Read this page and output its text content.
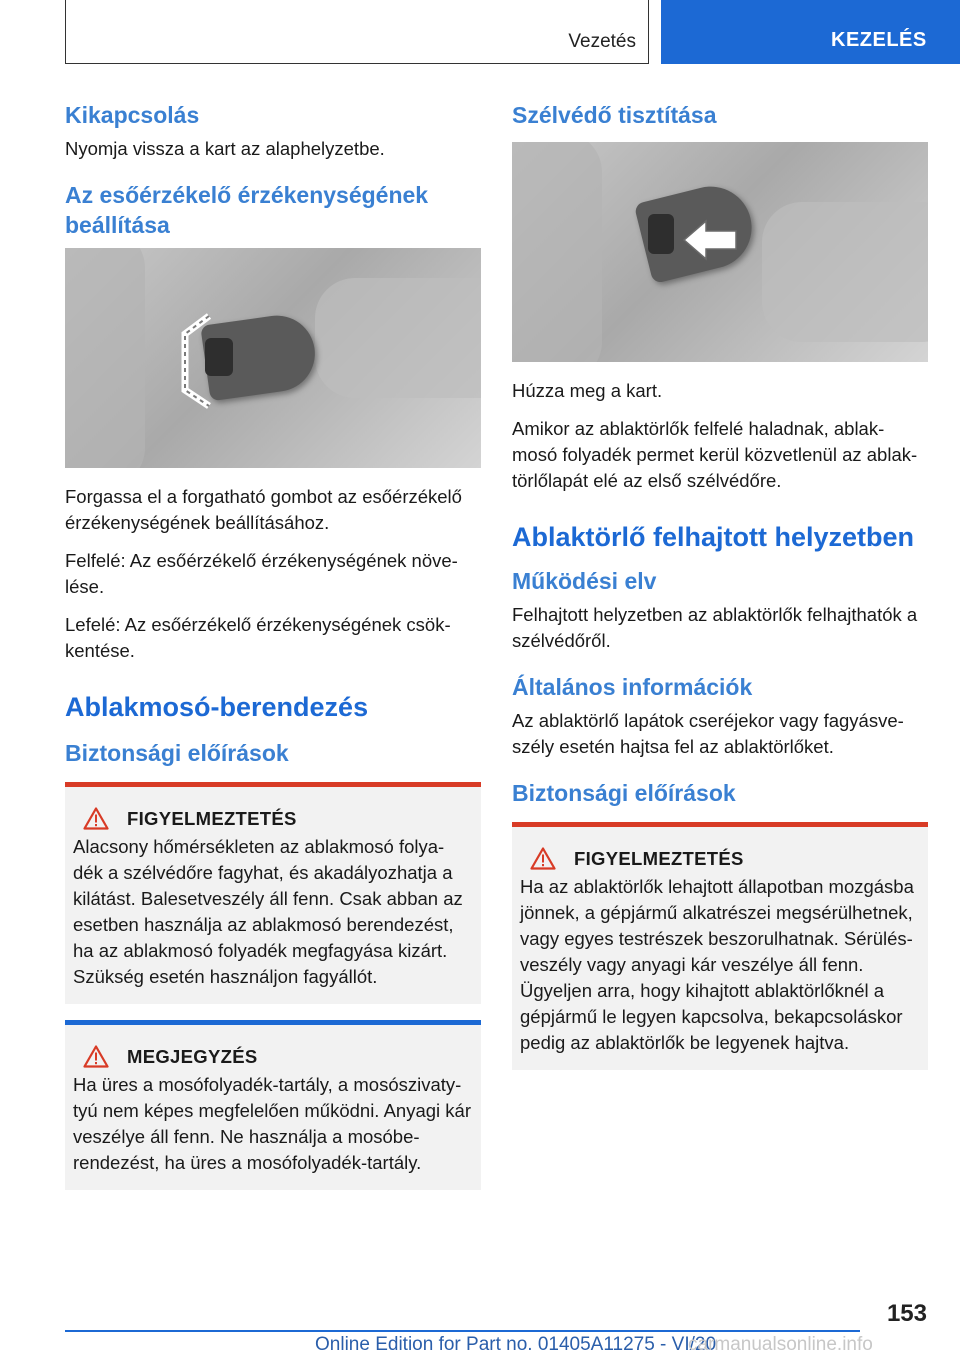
Vezetés	KEZELÉS
Kikapcsolás

Nyomja vissza a kart az alaphelyzetbe.

Az esőérzékelő érzékenységének beállítása

Forgassa el a forgatható gombot az esőérzékelő érzékenységének beállításához.

Felfelé: Az esőérzékelő érzékenységének növe-lése.

Lefelé: Az esőérzékelő érzékenységének csök-kentése.

Ablakmosó-berendezés
Biztonsági előírások
FIGYELMEZTETÉS

Alacsony hőmérsékleten az ablakmosó folya-dék a szélvédőre fagyhat, és akadályozhatja a kilátást. Balesetveszély áll fenn. Csak abban az esetben használja az ablakmosó berendezést, ha az ablakmosó folyadék megfagyása kizárt. Szükség esetén használjon fagyállót.

MEGJEGYZÉS

Ha üres a mosófolyadék-tartály, a mosószivaty-tyú nem képes megfelelően működni. Anyagi kár veszélye áll fenn. Ne használja a mosóbe-rendezést, ha üres a mosófolyadék-tartály.

Szélvédő tisztítása

Húzza meg a kart.

Amikor az ablaktörlők felfelé haladnak, ablak-mosó folyadék permet kerül közvetlenül az ablak-törlőlapát elé az első szélvédőre.

Ablaktörlő felhajtott helyzetben
Működési elv

Felhajtott helyzetben az ablaktörlők felhajthatók a szélvédőről.

Általános információk

Az ablaktörlő lapátok cseréjekor vagy fagyásve-szély esetén hajtsa fel az ablaktörlőket.

Biztonsági előírások
FIGYELMEZTETÉS

Ha az ablaktörlők lehajtott állapotban mozgásba jönnek, a gépjármű alkatrészei megsérülhetnek, vagy egyes testrészek beszorulhatnak. Sérülés-veszély vagy anyagi kár veszélye áll fenn. Ügyeljen arra, hogy kihajtott ablaktörlőknél a gépjármű le legyen kapcsolva, bekapcsoláskor pedig az ablaktörlők be legyenek hajtva.

153
Online Edition for Part no. 01405A11275 - VI/20
carmanualsonline.info
